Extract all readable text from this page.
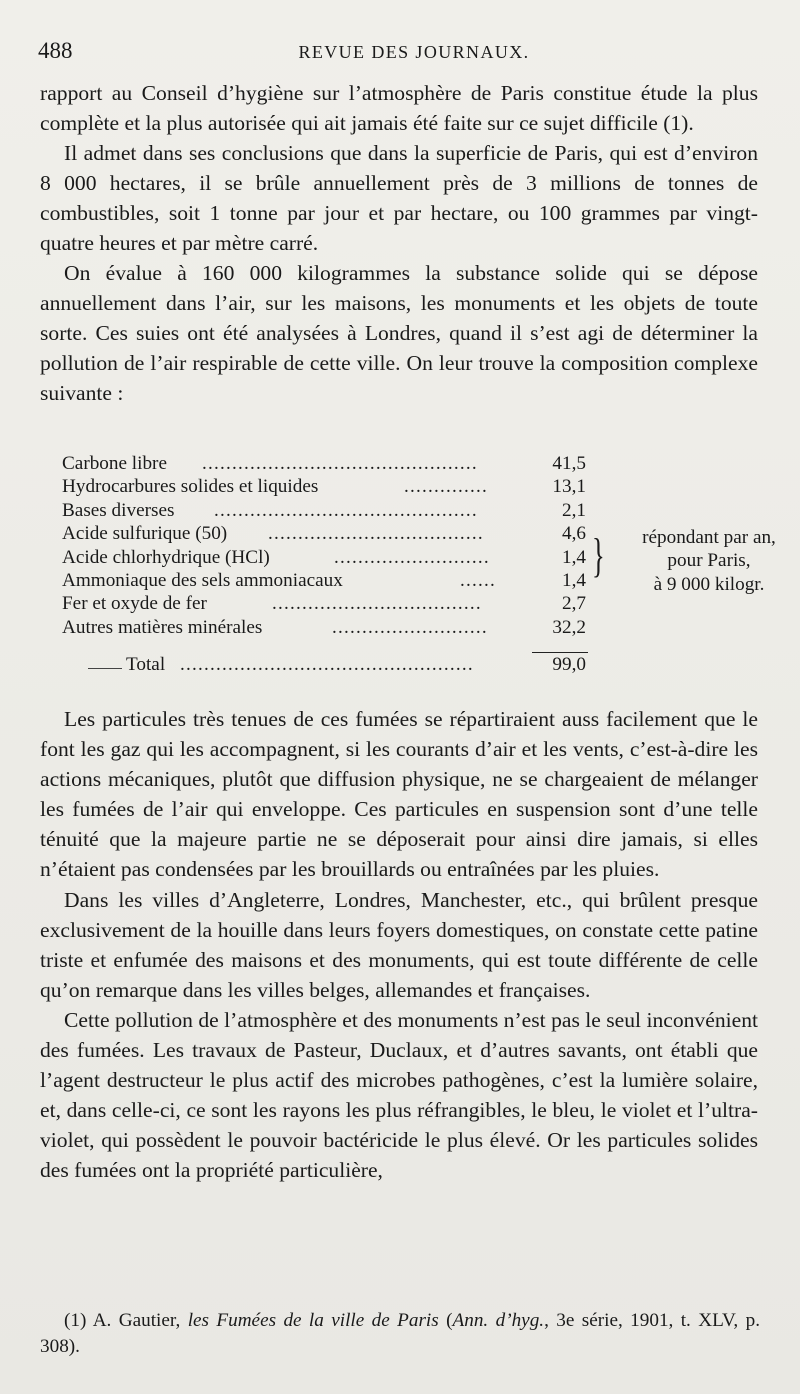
488	REVUE DES JOURNAUX.

rapport au Conseil d’hygiène sur l’atmosphère de Paris constitue étude la plus complète et la plus autorisée qui ait jamais été faite sur ce sujet difficile (1).

Il admet dans ses conclusions que dans la superficie de Paris, qui est d’environ 8 000 hectares, il se brûle annuellement près de 3 millions de tonnes de combustibles, soit 1 tonne par jour et par hectare, ou 100 grammes par vingt-quatre heures et par mètre carré.

On évalue à 160 000 kilogrammes la substance solide qui se dépose annuellement dans l’air, sur les maisons, les monuments et les objets de toute sorte. Ces suies ont été analysées à Londres, quand il s’est agi de déterminer la pollution de l’air respirable de cette ville. On leur trouve la composition complexe suivante :

Carbone libre ..............................................	41,5
Hydrocarbures solides et liquides	..............	13,1
Bases diverses ............................................	2,1
Acide sulfurique (50) ....................................	4,6
Acide chlorhydrique (HCl)	..........................	1,4
Ammoniaque des sels ammoniacaux	......	1,4
Fer et oxyde de fer	...................................	2,7
Autres matières minérales	..........................	32,2
Total .................................................	99,0
}	répondant par an,
pour Paris,
à 9 000 kilogr.

Les particules très tenues de ces fumées se répartiraient auss facilement que le font les gaz qui les accompagnent, si les courants d’air et les vents, c’est-à-dire les actions mécaniques, plutôt que diffusion physique, ne se chargeaient de mélanger les fumées de l’air qui enveloppe. Ces particules en suspension sont d’une telle ténuité que la majeure partie ne se déposerait pour ainsi dire jamais, si elles n’étaient pas condensées par les brouillards ou entraînées par les pluies.

Dans les villes d’Angleterre, Londres, Manchester, etc., qui brûlent presque exclusivement de la houille dans leurs foyers domestiques, on constate cette patine triste et enfumée des maisons et des monuments, qui est toute différente de celle qu’on remarque dans les villes belges, allemandes et françaises.

Cette pollution de l’atmosphère et des monuments n’est pas le seul inconvénient des fumées. Les travaux de Pasteur, Duclaux, et d’autres savants, ont établi que l’agent destructeur le plus actif des microbes pathogènes, c’est la lumière solaire, et, dans celle-ci, ce sont les rayons les plus réfrangibles, le bleu, le violet et l’ultra-violet, qui possèdent le pouvoir bactéricide le plus élevé. Or les particules solides des fumées ont la propriété particulière,

(1) A. Gautier, les Fumées de la ville de Paris (Ann. d’hyg., 3e série, 1901, t. XLV, p. 308).
